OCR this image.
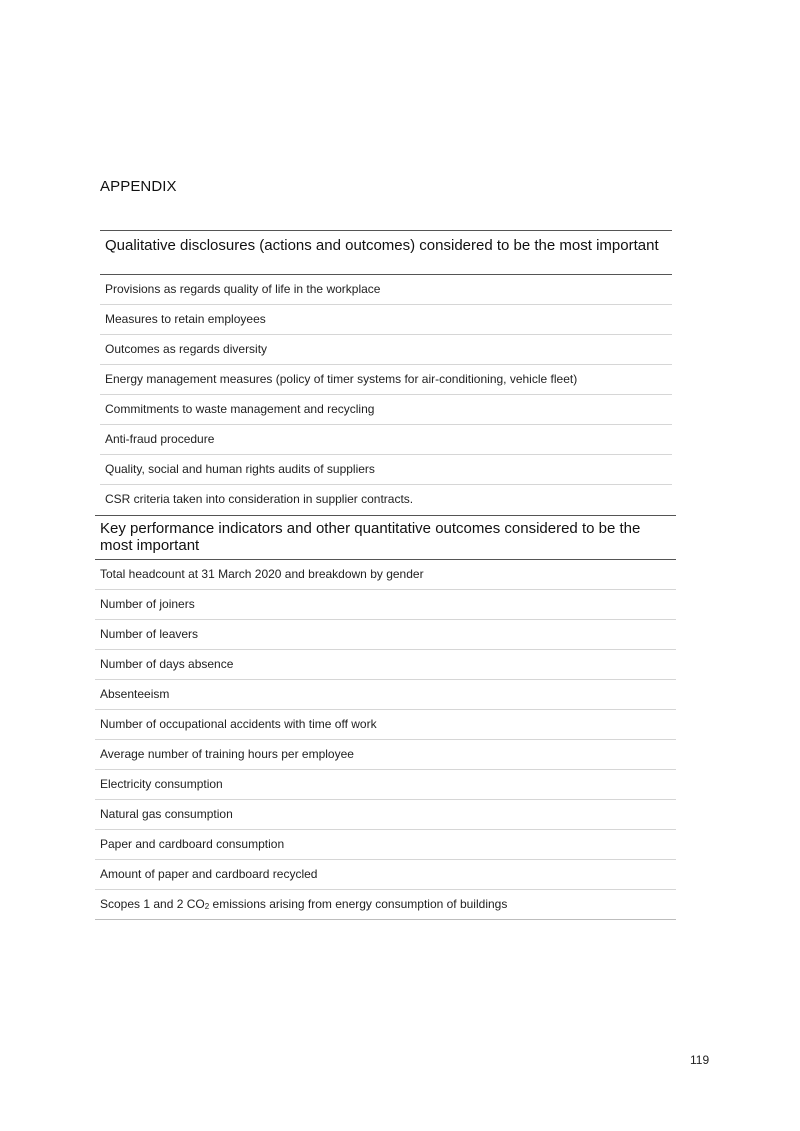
APPENDIX
Qualitative disclosures (actions and outcomes) considered to be the most important
Provisions as regards quality of life in the workplace
Measures to retain employees
Outcomes as regards diversity
Energy management measures (policy of timer systems for air-conditioning, vehicle fleet)
Commitments to waste management and recycling
Anti-fraud procedure
Quality, social and human rights audits of suppliers
CSR criteria taken into consideration in supplier contracts.
Key performance indicators and other quantitative outcomes considered to be the most important
Total headcount at 31 March 2020 and breakdown by gender
Number of joiners
Number of leavers
Number of days absence
Absenteeism
Number of occupational accidents with time off work
Average number of training hours per employee
Electricity consumption
Natural gas consumption
Paper and cardboard consumption
Amount of paper and cardboard recycled
Scopes 1 and 2 $CO_2$ emissions arising from energy consumption of buildings
119
